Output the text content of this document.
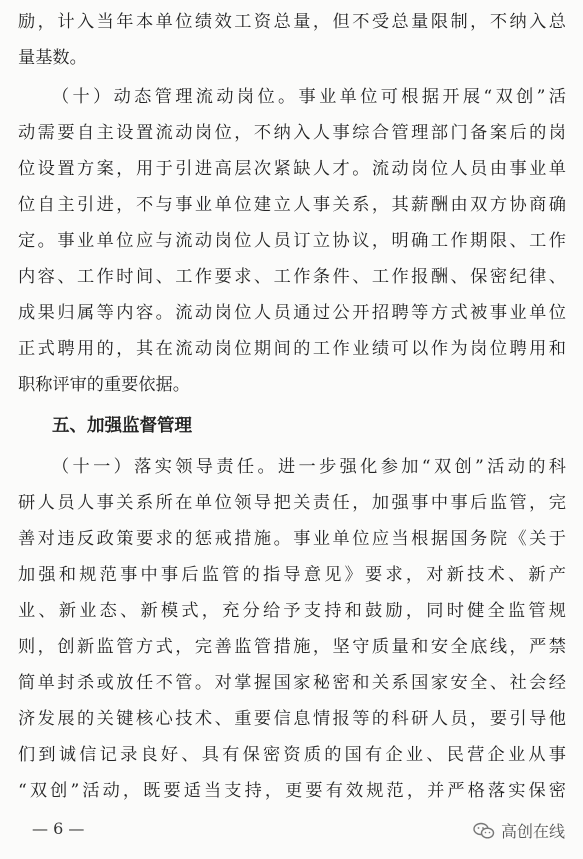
励，计入当年本单位绩效工资总量，但不受总量限制，不纳入总
量基数。
（十）动态管理流动岗位。事业单位可根据开展“双创”活
动需要自主设置流动岗位，不纳入人事综合管理部门备案后的岗
位设置方案，用于引进高层次紧缺人才。流动岗位人员由事业单
位自主引进，不与事业单位建立人事关系，其薪酬由双方协商确
定。事业单位应与流动岗位人员订立协议，明确工作期限、工作
内容、工作时间、工作要求、工作条件、工作报酬、保密纪律、
成果归属等内容。流动岗位人员通过公开招聘等方式被事业单位
正式聘用的，其在流动岗位期间的工作业绩可以作为岗位聘用和
职称评审的重要依据。
五、加强监督管理
（十一）落实领导责任。进一步强化参加“双创”活动的科
研人员人事关系所在单位领导把关责任，加强事中事后监管，完
善对违反政策要求的惩戒措施。事业单位应当根据国务院《关于
加强和规范事中事后监管的指导意见》要求，对新技术、新产
业、新业态、新模式，充分给予支持和鼓励，同时健全监管规
则，创新监管方式，完善监管措施，坚守质量和安全底线，严禁
简单封杀或放任不管。对掌握国家秘密和关系国家安全、社会经
济发展的关键核心技术、重要信息情报等的科研人员，要引导他
们到诚信记录良好、具有保密资质的国有企业、民营企业从事
“双创”活动，既要适当支持，更要有效规范，并严格落实保密
— 6 —	高创在线
